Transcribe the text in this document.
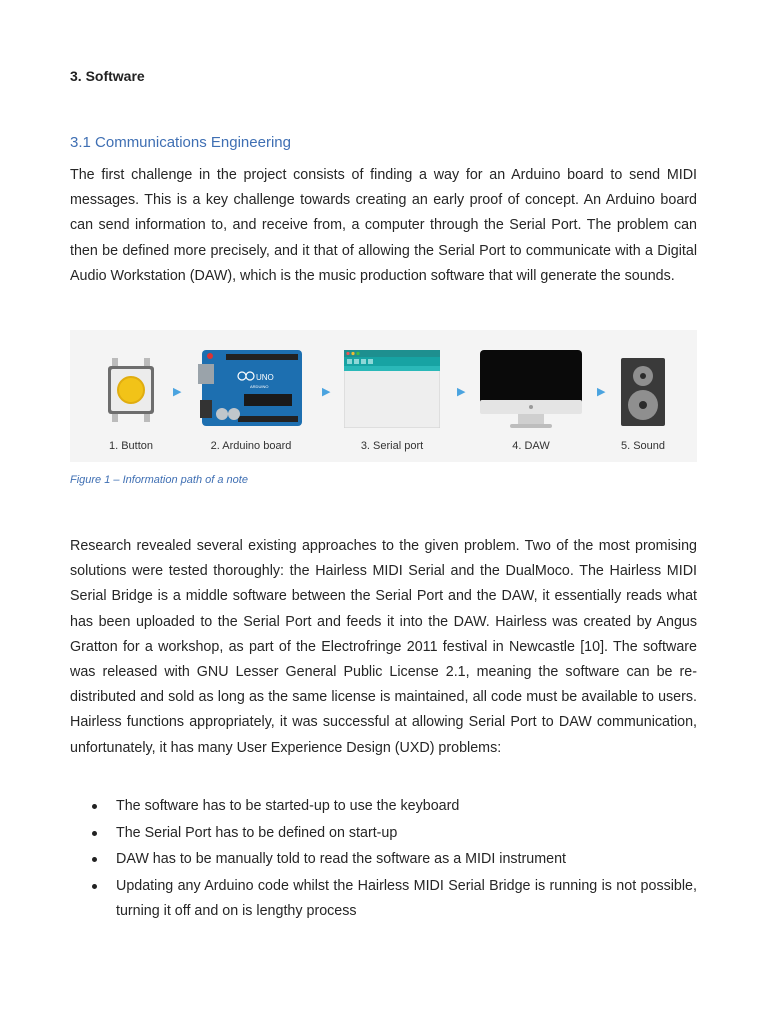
3. Software
3.1 Communications Engineering

The first challenge in the project consists of finding a way for an Arduino board to send MIDI messages. This is a key challenge towards creating an early proof of concept. An Arduino board can send information to, and receive from, a computer through the Serial Port. The problem can then be defined more precisely, and it that of allowing the Serial Port to communicate with a Digital Audio Workstation (DAW), which is the music production software that will generate the sounds.

1. Button
▶
UNO
ARDUINO
2. Arduino board
▶
3. Serial port
▶
4. DAW
▶
5. Sound
Figure 1 – Information path of a note

Research revealed several existing approaches to the given problem. Two of the most promising solutions were tested thoroughly: the Hairless MIDI Serial and the DualMoco. The Hairless MIDI Serial Bridge is a middle software between the Serial Port and the DAW, it essentially reads what has been uploaded to the Serial Port and feeds it into the DAW. Hairless was created by Angus Gratton for a workshop, as part of the Electrofringe 2011 festival in Newcastle [10]. The software was released with GNU Lesser General Public License 2.1, meaning the software can be re-distributed and sold as long as the same license is maintained, all code must be available to users. Hairless functions appropriately, it was successful at allowing Serial Port to DAW communication, unfortunately, it has many User Experience Design (UXD) problems:

The software has to be started-up to use the keyboard
The Serial Port has to be defined on start-up
DAW has to be manually told to read the software as a MIDI instrument
Updating any Arduino code whilst the Hairless MIDI Serial Bridge is running is not possible, turning it off and on is lengthy process
